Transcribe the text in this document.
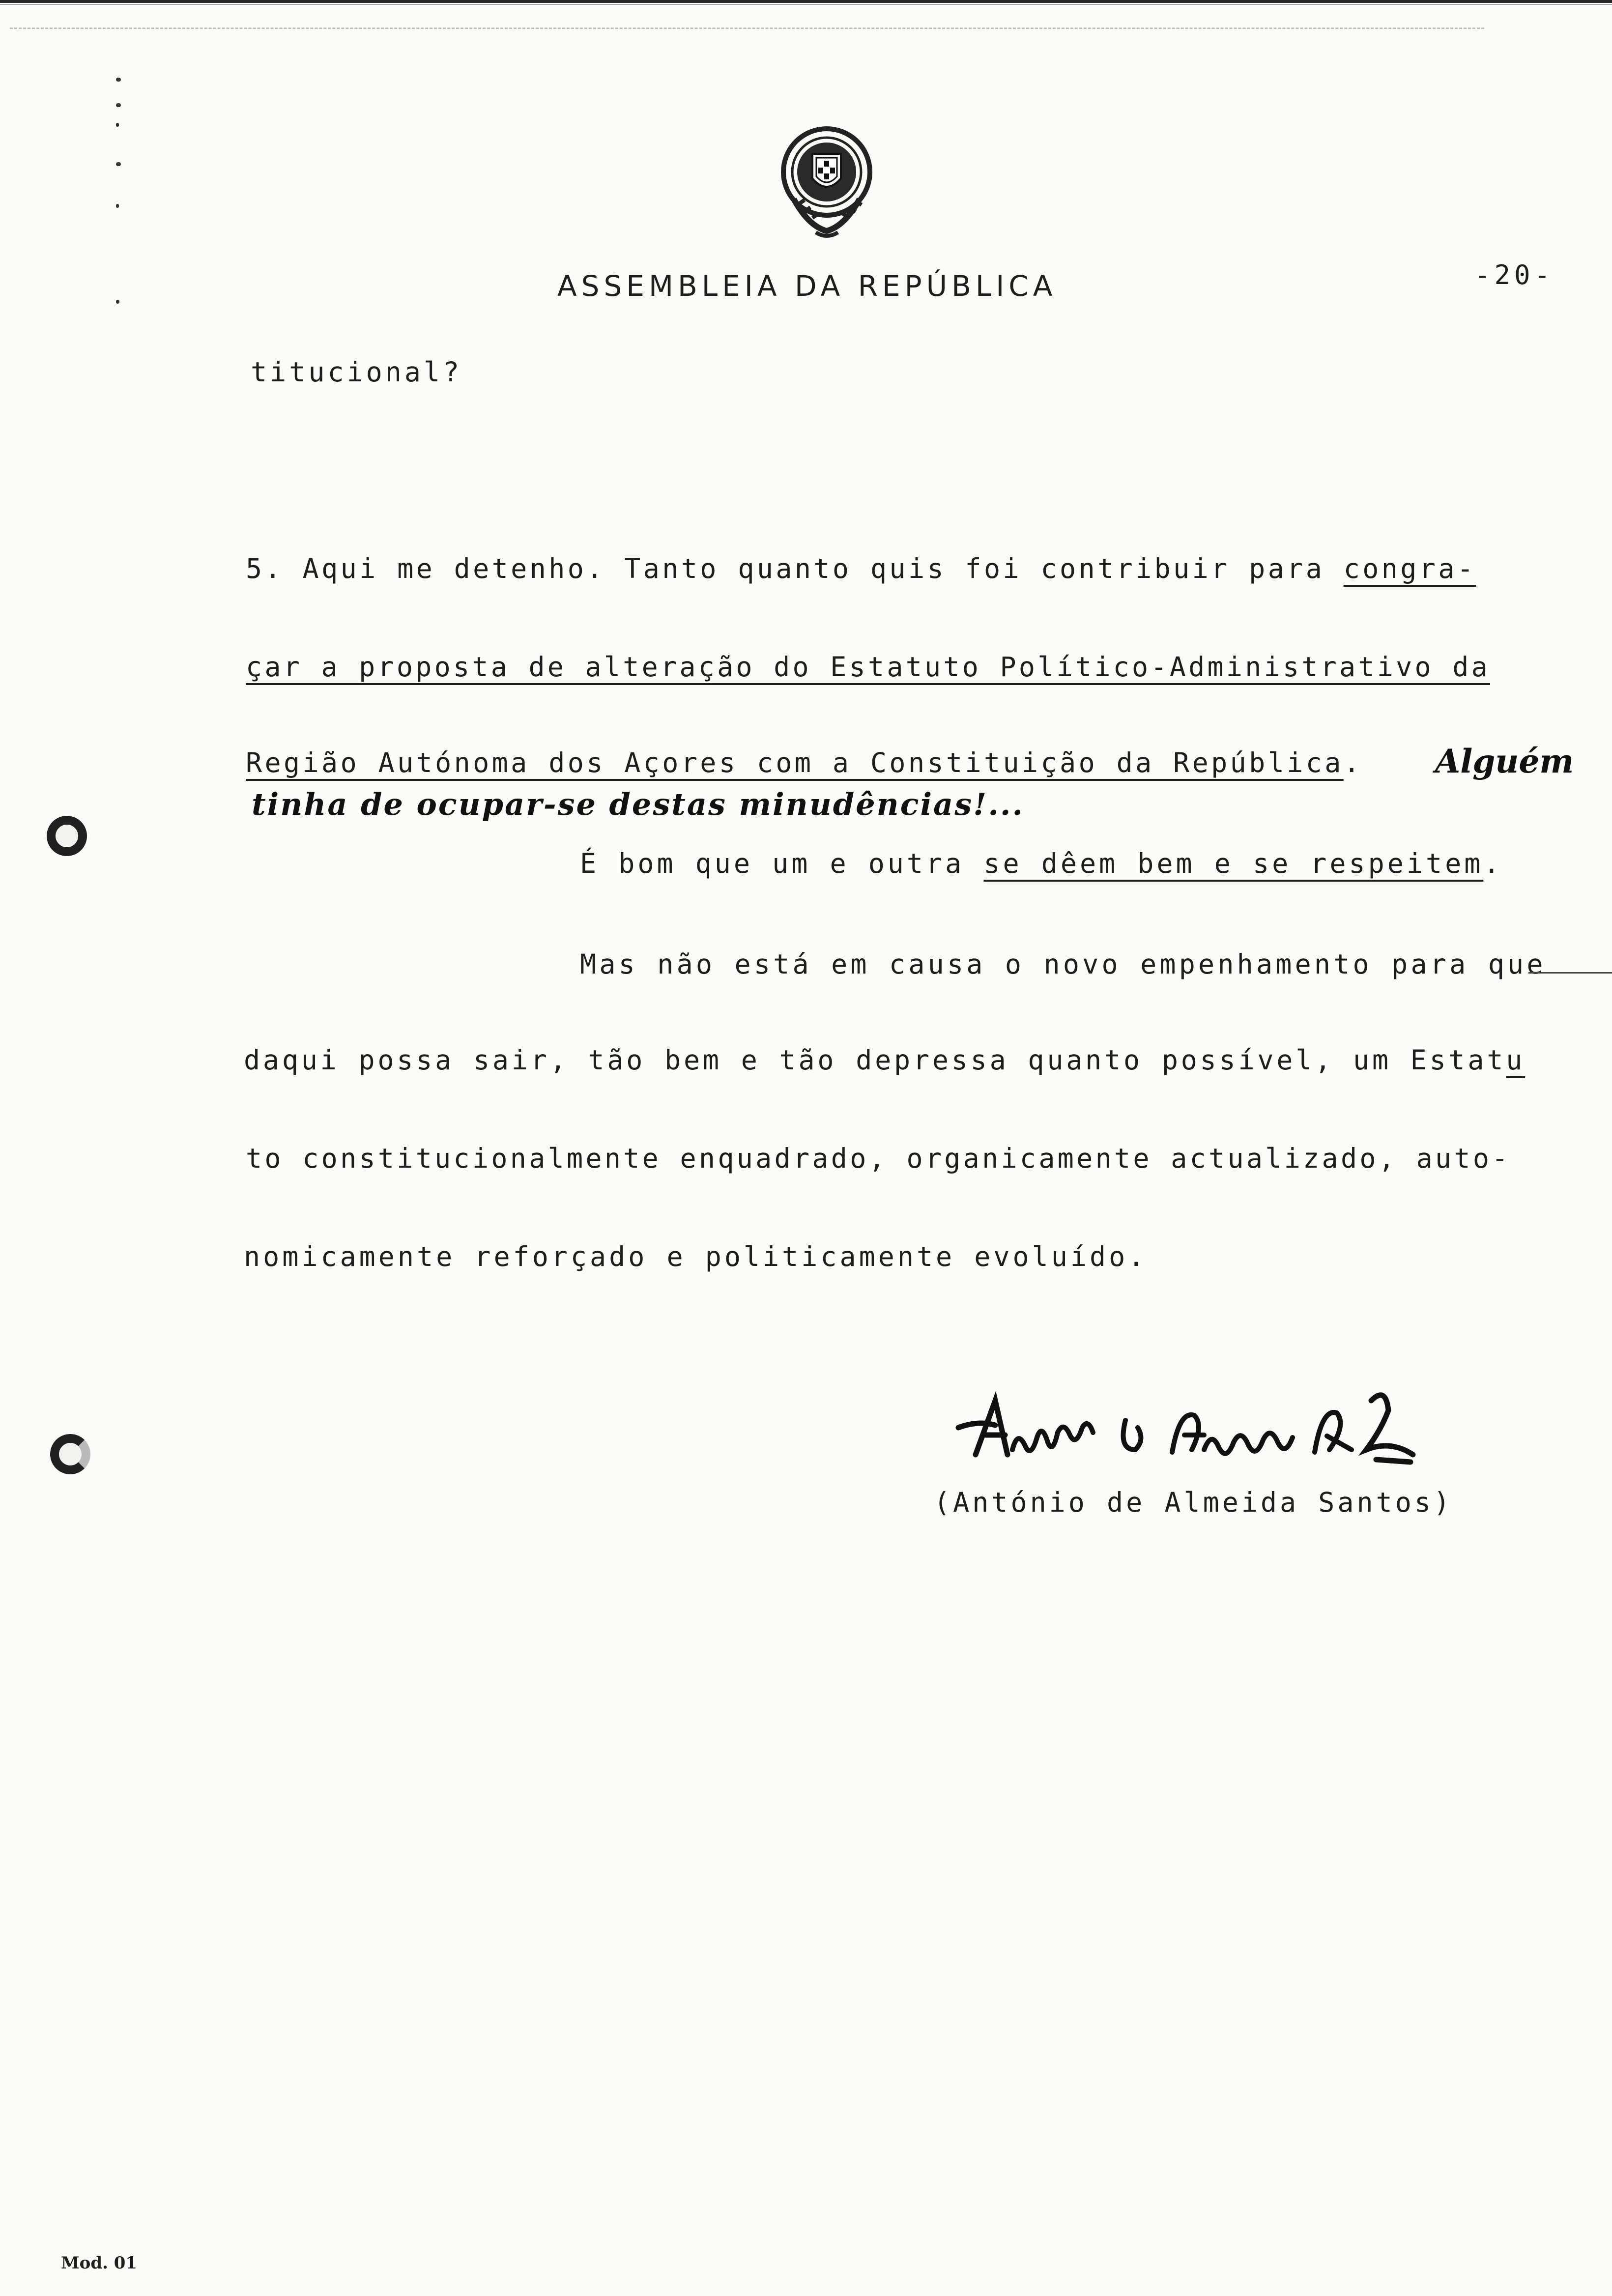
ASSEMBLEIA DA REPÚBLICA	-20-
titucional?
5. Aqui me detenho. Tanto quanto quis foi contribuir para congra-
çar a proposta de alteração do Estatuto Político-Administrativo da
Região Autónoma dos Açores com a Constituição da República. Alguém
tinha de ocupar-se destas minudências!...
É bom que um e outra se dêem bem e se respeitem.
Mas não está em causa o novo empenhamento para que
daqui possa sair, tão bem e tão depressa quanto possível, um Estatu
to constitucionalmente enquadrado, organicamente actualizado, auto-
nomicamente reforçado e politicamente evoluído.
(António de Almeida Santos)
Mod. 01
